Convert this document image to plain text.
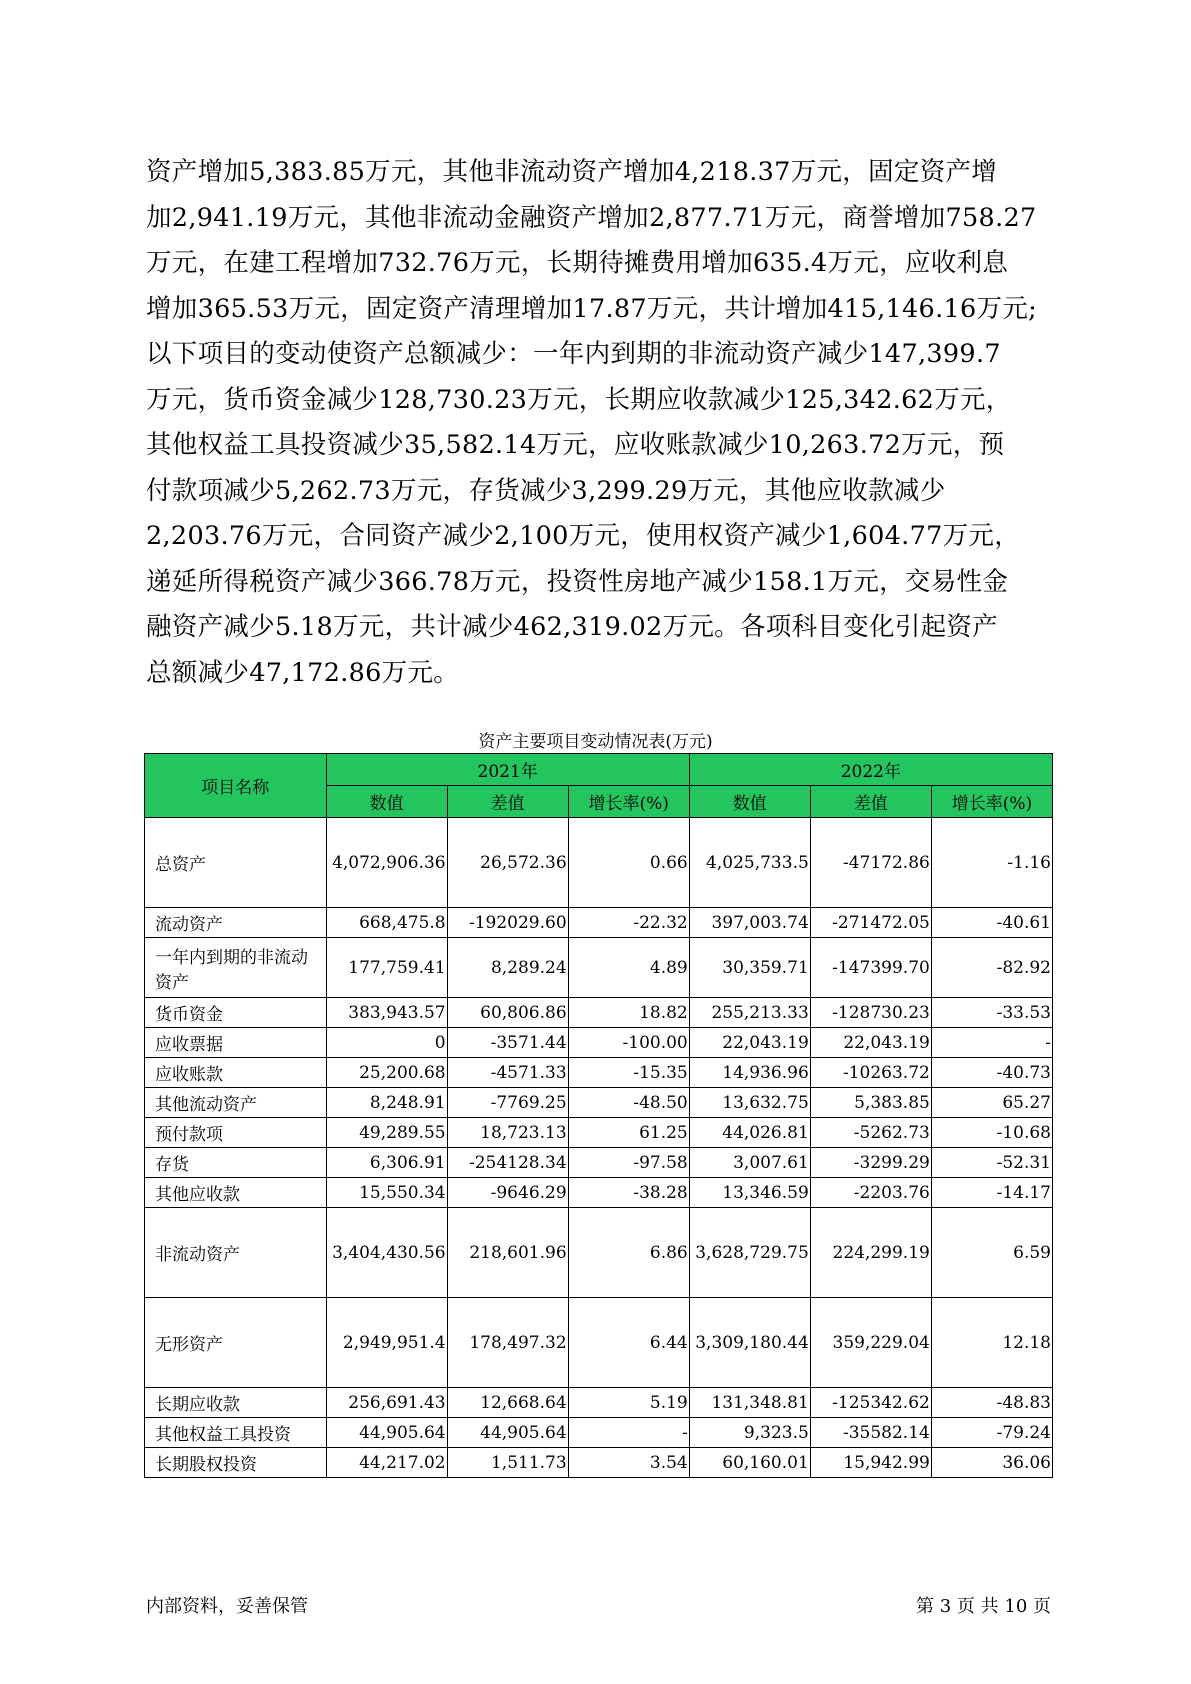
资产增加5,383.85万元，其他非流动资产增加4,218.37万元，固定资产增
加2,941.19万元，其他非流动金融资产增加2,877.71万元，商誉增加758.27
万元，在建工程增加732.76万元，长期待摊费用增加635.4万元，应收利息
增加365.53万元，固定资产清理增加17.87万元，共计增加415,146.16万元;
以下项目的变动使资产总额减少：一年内到期的非流动资产减少147,399.7
万元，货币资金减少128,730.23万元，长期应收款减少125,342.62万元，
其他权益工具投资减少35,582.14万元，应收账款减少10,263.72万元，预
付款项减少5,262.73万元，存货减少3,299.29万元，其他应收款减少
2,203.76万元，合同资产减少2,100万元，使用权资产减少1,604.77万元，
递延所得税资产减少366.78万元，投资性房地产减少158.1万元，交易性金
融资产减少5.18万元，共计减少462,319.02万元。各项科目变化引起资产
总额减少47,172.86万元。
资产主要项目变动情况表(万元)
项目名称	2021年			2022年		
	数值	差值	增长率(%)	数值	差值	增长率(%)
总资产	4,072,906.36	26,572.36	0.66	4,025,733.5	-47172.86	-1.16
流动资产	668,475.8	-192029.60	-22.32	397,003.74	-271472.05	-40.61
一年内到期的非流动资产	177,759.41	8,289.24	4.89	30,359.71	-147399.70	-82.92
货币资金	383,943.57	60,806.86	18.82	255,213.33	-128730.23	-33.53
应收票据	0	-3571.44	-100.00	22,043.19	22,043.19	-
应收账款	25,200.68	-4571.33	-15.35	14,936.96	-10263.72	-40.73
其他流动资产	8,248.91	-7769.25	-48.50	13,632.75	5,383.85	65.27
预付款项	49,289.55	18,723.13	61.25	44,026.81	-5262.73	-10.68
存货	6,306.91	-254128.34	-97.58	3,007.61	-3299.29	-52.31
其他应收款	15,550.34	-9646.29	-38.28	13,346.59	-2203.76	-14.17
非流动资产	3,404,430.56	218,601.96	6.86	3,628,729.75	224,299.19	6.59
无形资产	2,949,951.4	178,497.32	6.44	3,309,180.44	359,229.04	12.18
长期应收款	256,691.43	12,668.64	5.19	131,348.81	-125342.62	-48.83
其他权益工具投资	44,905.64	44,905.64	-	9,323.5	-35582.14	-79.24
长期股权投资	44,217.02	1,511.73	3.54	60,160.01	15,942.99	36.06
内部资料，妥善保管	第 3 页 共 10 页
